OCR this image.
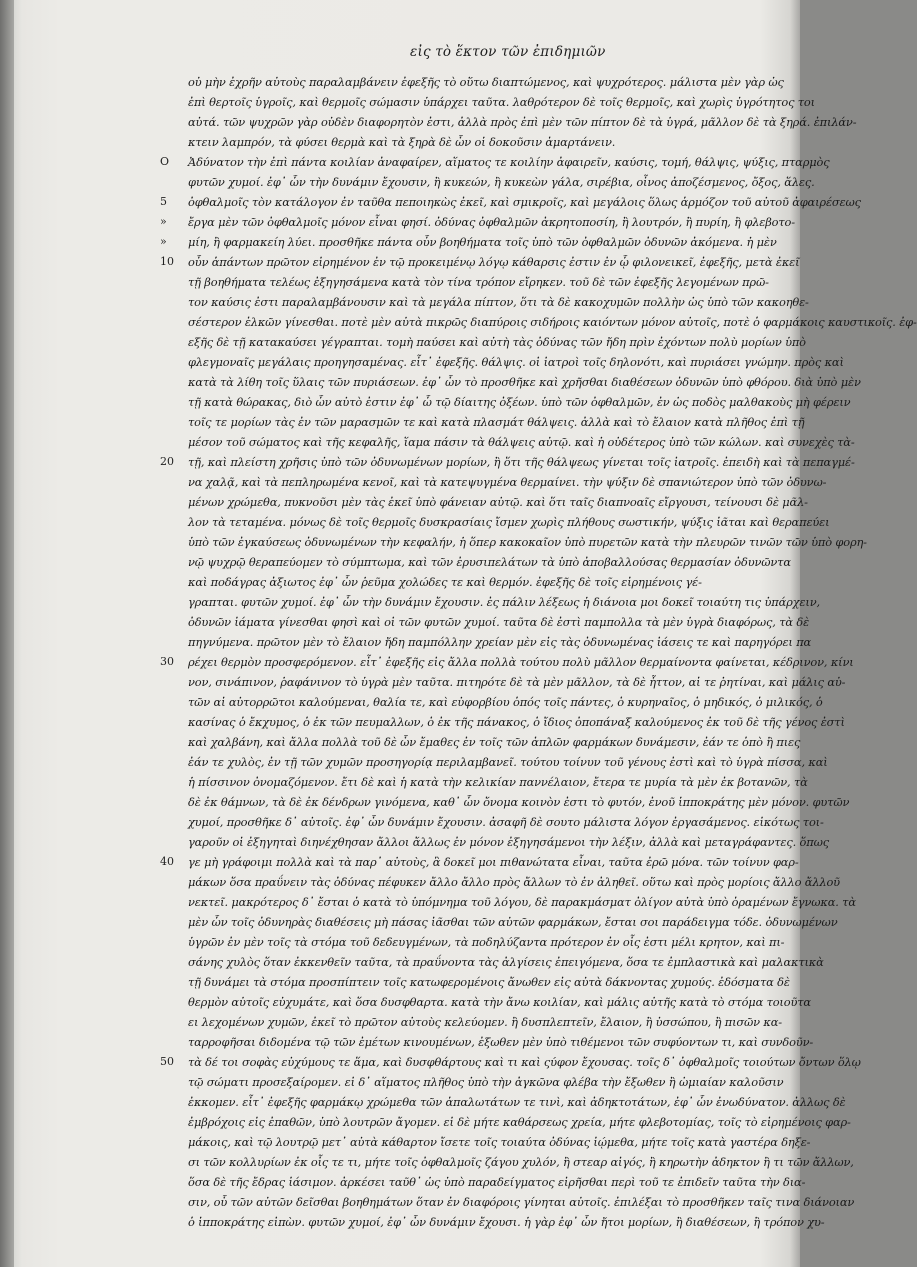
εἰς τὸ ἕκτον τῶν ἐπιδημιῶν
οὐ μὴν ἐχρῆν αὐτοὺς παραλαμβάνειν ἐφεξῆς τὸ οὕτω διαπτώμενος, καὶ ψυχρότερος. μάλιστα μὲν γὰρ ὡς
ἐπὶ θερτοῖς ὑγροῖς, καὶ θερμοῖς σώμασιν ὑπάρχει ταῦτα. λαθρότερον δὲ τοῖς θερμοῖς, καὶ χωρὶς ὑγρότητος τοι
αὐτά. τῶν ψυχρῶν γὰρ οὐδὲν διαφορητὸν ἐστι, ἀλλὰ πρὸς ἐπὶ μὲν τῶν πίπτον δὲ τὰ ὑγρά, μᾶλλον δὲ τὰ ξηρά. ἐπιλάν-
κτειν λαμπρόν, τὰ φύσει θερμὰ καὶ τὰ ξηρὰ δὲ ὧν οἱ δοκοῦσιν ἁμαρτάνειν.
O	Ἀδύνατον τὴν ἐπὶ πάντα κοιλίαν ἀναφαίρεν, αἵματος τε κοιλίην ἀφαιρεῖν, καύσις, τομή, θάλψις, ψύξις, πταρμὸς
φυτῶν χυμοί. ἐφ᾿ ὧν τὴν δυνάμιν ἔχουσιν, ἢ κυκεών, ἢ κυκεὼν γάλα, σιρέβια, οἶνος ἀποζέσμενος, ὄξος, ἅλες.
5	ὀφθαλμοῖς τὸν κατάλογον ἐν ταῦθα πεποιηκὼς ἐκεῖ, καὶ σμικροῖς, καὶ μεγάλοις ὅλως ἁρμόζον τοῦ αὐτοῦ ἀφαιρέσεως
»	ἔργα μὲν τῶν ὀφθαλμοῖς μόνον εἶναι φησί. ὀδύνας ὀφθαλμῶν ἀκρητοποσίη, ἢ λουτρόν, ἢ πυρίη, ἢ φλεβοτο-
»	μίη, ἢ φαρμακείη λύει. προσθῆκε πάντα οὖν βοηθήματα τοῖς ὑπὸ τῶν ὀφθαλμῶν ὀδυνῶν ἀκόμενα. ἡ μὲν
10	οὖν ἁπάντων πρῶτον εἰρημένον ἐν τῷ προκειμένῳ λόγῳ κάθαρσις ἐστιν ἐν ᾧ φιλονεικεῖ, ἐφεξῆς, μετὰ ἐκεῖ
τῇ βοηθήματα τελέως ἐξηγησάμενα κατὰ τὸν τίνα τρόπον εἴρηκεν. τοῦ δὲ τῶν ἐφεξῆς λεγομένων πρῶ-
τον καύσις ἐστι παραλαμβάνουσιν καὶ τὰ μεγάλα πίπτον, ὅτι τὰ δὲ κακοχυμῶν πολλὴν ὡς ὑπὸ τῶν κακοηθε-
σέστερον ἑλκῶν γίνεσθαι. ποτὲ μὲν αὐτὰ πικρῶς διαπύροις σιδήροις καιόντων μόνον αὐτοῖς, ποτὲ ὁ φαρμάκοις καυστικοῖς. ἐφ-
εξῆς δὲ τῇ κατακαύσει γέγραπται. τομὴ παύσει καὶ αὐτὴ τὰς ὀδύνας τῶν ἤδη πρὶν ἐχόντων πολὺ μορίων ὑπὸ
φλεγμοναῖς μεγάλαις προηγησαμένας. εἶτ᾿ ἐφεξῆς. θάλψις. οἱ ἰατροὶ τοῖς δηλονότι, καὶ πυριάσει γνώμην. πρὸς καὶ
κατὰ τὰ λίθη τοῖς ὕλαις τῶν πυριάσεων. ἐφ᾿ ὧν τὸ προσθῆκε καὶ χρῆσθαι διαθέσεων ὀδυνῶν ὑπὸ φθόρου. διὰ ὑπὸ μὲν
τῇ κατὰ θώρακας, διὸ ὧν αὐτὸ ἐστιν ἐφ᾿ ὧ τῷ δίαιτης ὀξέων. ὑπὸ τῶν ὀφθαλμῶν, ἐν ὡς ποδὸς μαλθακοὺς μὴ φέρειν
τοῖς τε μορίων τὰς ἐν τῶν μαρασμῶν τε καὶ κατὰ πλασμάτ θάλψεις. ἀλλὰ καὶ τὸ ἔλαιον κατὰ πλῆθος ἐπὶ τῇ
μέσον τοῦ σώματος καὶ τῆς κεφαλῆς, ἵαμα πάσιν τὰ θάλψεις αὐτῷ. καὶ ἡ οὐδέτερος ὑπὸ τῶν κώλων. καὶ συνεχὲς τὰ-
20	τῇ, καὶ πλείστη χρῆσις ὑπὸ τῶν ὀδυνωμένων μορίων, ἢ ὅτι τῆς θάλψεως γίνεται τοῖς ἰατροῖς. ἐπειδὴ καὶ τὰ πεπαγμέ-
να χαλᾷ, καὶ τὰ πεπληρωμένα κενοῖ, καὶ τὰ κατεψυγμένα θερμαίνει. τὴν ψύξιν δὲ σπανιώτερον ὑπὸ τῶν ὀδυνω-
μένων χρώμεθα, πυκνοῦσι μὲν τὰς ἐκεῖ ὑπὸ φάνειαν αὐτῷ. καὶ ὅτι ταῖς διαπνοαῖς εἴργουσι, τείνουσι δὲ μᾶλ-
λον τὰ τεταμένα. μόνως δὲ τοῖς θερμοῖς δυσκρασίαις ἴσμεν χωρὶς πλήθους σωστικήν, ψύξις ἰᾶται καὶ θεραπεύει
ὑπὸ τῶν ἐγκαύσεως ὀδυνωμένων τὴν κεφαλήν, ἡ ὅπερ κακοκαῖον ὑπὸ πυρετῶν κατὰ τὴν πλευρῶν τινῶν τῶν ὑπὸ φορη-
νῷ ψυχρῷ θεραπεύομεν τὸ σύμπτωμα, καὶ τῶν ἐρυσιπελάτων τὰ ὑπὸ ἀποβαλλούσας θερμασίαν ὀδυνῶντα
καὶ ποδάγρας ἀξιωτος ἐφ᾿ ὧν ῥεῦμα χολώδες τε καὶ θερμόν. ἐφεξῆς δὲ τοῖς εἰρημένοις γέ-
γραπται. φυτῶν χυμοί. ἐφ᾿ ὧν τὴν δυνάμιν ἔχουσιν. ἐς πάλιν λέξεως ἡ διάνοια μοι δοκεῖ τοιαύτη τις ὑπάρχειν,
ὀδυνῶν ἰάματα γίνεσθαι φησὶ καὶ οἱ τῶν φυτῶν χυμοί. ταῦτα δὲ ἐστὶ παμπολλα τὰ μὲν ὑγρὰ διαφόρως, τὰ δὲ
πηγνύμενα. πρῶτον μὲν τὸ ἔλαιον ἤδη παμπόλλην χρείαν μὲν εἰς τὰς ὀδυνωμένας ἰάσεις τε καὶ παρηγόρει πα
30	ρέχει θερμὸν προσφερόμενον. εἶτ᾿ ἐφεξῆς εἰς ἄλλα πολλὰ τούτου πολὺ μᾶλλον θερμαίνοντα φαίνεται, κέδρινον, κίνι
νον, σινάπινον, ῥαφάνινον τὸ ὑγρὰ μὲν ταῦτα. πιτηρότε δὲ τὰ μὲν μᾶλλον, τὰ δὲ ἧττον, αἱ τε ῥητίναι, καὶ μάλις αὐ-
τῶν αἱ αὐτορρῶτοι καλούμεναι, θαλία τε, καὶ εὐφορβίου ὁπός τοῖς πάντες, ὁ κυρηναῖος, ὁ μηδικός, ὁ μιλικός, ὁ
κασίνας ὁ ἔκχυμος, ὁ ἐκ τῶν πευμαλλων, ὁ ἐκ τῆς πάνακος, ὁ ἴδιος ὀποπάναξ καλούμενος ἐκ τοῦ δὲ τῆς γένος ἐστὶ
καὶ χαλβάνη, καὶ ἄλλα πολλὰ τοῦ δὲ ὧν ἔμαθες ἐν τοῖς τῶν ἁπλῶν φαρμάκων δυνάμεσιν, ἐάν τε ὁπὸ ἢ πιες
ἐάν τε χυλὸς, ἐν τῇ τῶν χυμῶν προσηγορίᾳ περιλαμβανεῖ. τούτου τοίνυν τοῦ γένους ἐστὶ καὶ τὸ ὑγρὰ πίσσα, καὶ
ἡ πίσσινον ὀνομαζόμενον. ἔτι δὲ καὶ ἡ κατὰ τὴν κελικίαν παννέλαιον, ἔτερα τε μυρία τὰ μὲν ἐκ βοτανῶν, τὰ
δὲ ἐκ θάμνων, τὰ δὲ ἐκ δένδρων γινόμενα, καθ᾿ ὧν ὄνομα κοινὸν ἐστι τὸ φυτόν, ἐνοῦ ἱπποκράτης μὲν μόνον. φυτῶν
χυμοί, προσθῆκε δ᾿ αὐτοῖς. ἐφ᾿ ὧν δυνάμιν ἔχουσιν. ἀσαφῆ δὲ σουτο μάλιστα λόγον ἐργασάμενος. εἰκότως τοι-
γαροῦν οἱ ἐξηγηταὶ διηνέχθησαν ἄλλοι ἄλλως ἐν μόνον ἐξηγησάμενοι τὴν λέξιν, ἀλλὰ καὶ μεταγράφαντες. ὅπως
40	γε μὴ γράφοιμι πολλὰ καὶ τὰ παρ᾿ αὐτοὺς, ἃ δοκεῖ μοι πιθανώτατα εἶναι, ταῦτα ἐρῶ μόνα. τῶν τοίνυν φαρ-
μάκων ὅσα πραΰνειν τὰς ὀδύνας πέφυκεν ἄλλο ἄλλο πρὸς ἄλλων τὸ ἐν ἀληθεῖ. οὕτω καὶ πρὸς μορίοις ἄλλο ἄλλοῦ
νεκτεῖ. μακρότερος δ᾿ ἔσται ὁ κατὰ τὸ ὑπόμνημα τοῦ λόγου, δὲ παρακμάσματ ὀλίγον αὐτὰ ὑπὸ ὁραμένων ἔγνωκα. τὰ
μὲν ὧν τοῖς ὀδυνηρὰς διαθέσεις μὴ πάσας ἰᾶσθαι τῶν αὐτῶν φαρμάκων, ἔσται σοι παράδειγμα τόδε. ὀδυνωμένων
ὑγρῶν ἐν μὲν τοῖς τὰ στόμα τοῦ δεδευγμένων, τὰ ποδηλύζαντα πρότερον ἐν οἷς ἐστι μέλι κρητον, καὶ πι-
σάνης χυλὸς ὅταν ἐκκενθεῖν ταῦτα, τὰ πραΰνοντα τὰς ἀλγίσεις ἐπειγόμενα, ὅσα τε ἐμπλαστικὰ καὶ μαλακτικὰ
τῇ δυνάμει τὰ στόμα προσπίπτειν τοῖς κατωφερομένοις ἄνωθεν εἰς αὐτὰ δάκνοντας χυμούς. ἐδόσματα δὲ
θερμὸν αὐτοῖς εὐχυμάτε, καὶ ὅσα δυσφθαρτα. κατὰ τὴν ἄνω κοιλίαν, καὶ μάλις αὐτῆς κατὰ τὸ στόμα τοιοῦτα
ει λεχομένων χυμῶν, ἐκεῖ τὸ πρῶτον αὐτοὺς κελεύομεν. ἢ δυσπλεπτεῖν, ἔλαιον, ἢ ὑσσώπου, ἢ πισῶν κα-
ταρροφῆσαι διδομένα τῷ τῶν ἐμέτων κινουμένων, ἐξωθεν μὲν ὑπὸ τιθέμενοι τῶν συφύοντων τι, καὶ συνδοῦν-
50	τὰ δέ τοι σοφὰς εὐχύμους τε ἅμα, καὶ δυσφθάρτους καὶ τι καὶ ςύφον ἔχουσας. τοῖς δ᾿ ὀφθαλμοῖς τοιούτων ὄντων ὅλῳ
τῷ σώματι προσεξαίρομεν. εἰ δ᾿ αἵματος πλῆθος ὑπὸ τὴν ἀγκῶνα φλέβα τὴν ἔξωθεν ἢ ὠμιαίαν καλοῦσιν
ἐκκομεν. εἶτ᾿ ἐφεξῆς φαρμάκῳ χρώμεθα τῶν ἁπαλωτάτων τε τινὶ, καὶ ἀδηκτοτάτων, ἐφ᾿ ὧν ἐνωδύνατον. ἀλλως δὲ
ἐμβρόχοις εἰς ἐπαθῶν, ὑπὸ λουτρῶν ἄγομεν. εἰ δὲ μήτε καθάρσεως χρεία, μήτε φλεβοτομίας, τοῖς τὸ εἰρημένοις φαρ-
μάκοις, καὶ τῷ λουτρῷ μετ᾿ αὐτὰ κάθαρτον ἴσετε τοῖς τοιαύτα ὀδύνας ἰῴμεθα, μήτε τοῖς κατὰ γαστέρα δηξε-
σι τῶν κολλυρίων ἐκ οἷς τε τι, μήτε τοῖς ὀφθαλμοῖς ζάγου χυλόν, ἢ στεαρ αἰγός, ἢ κηρωτὴν ἀδηκτον ἢ τι τῶν ἄλλων,
ὅσα δὲ τῆς ἔδρας ἰάσιμον. ἀρκέσει ταῦθ᾿ ὡς ὑπὸ παραδείγματος εἰρῆσθαι περὶ τοῦ τε ἐπιδεῖν ταῦτα τὴν δια-
σιν, οὗ τῶν αὐτῶν δεῖσθαι βοηθημάτων ὅταν ἐν διαφόροις γίνηται αὐτοῖς. ἐπιλέξαι τὸ προσθῆκεν ταῖς τινα διάνοιαν
ὁ ἱπποκράτης εἰπὼν. φυτῶν χυμοί, ἐφ᾿ ὧν δυνάμιν ἔχουσι. ἡ γὰρ ἐφ᾿ ὧν ἤτοι μορίων, ἢ διαθέσεων, ἢ τρόπον χυ-
